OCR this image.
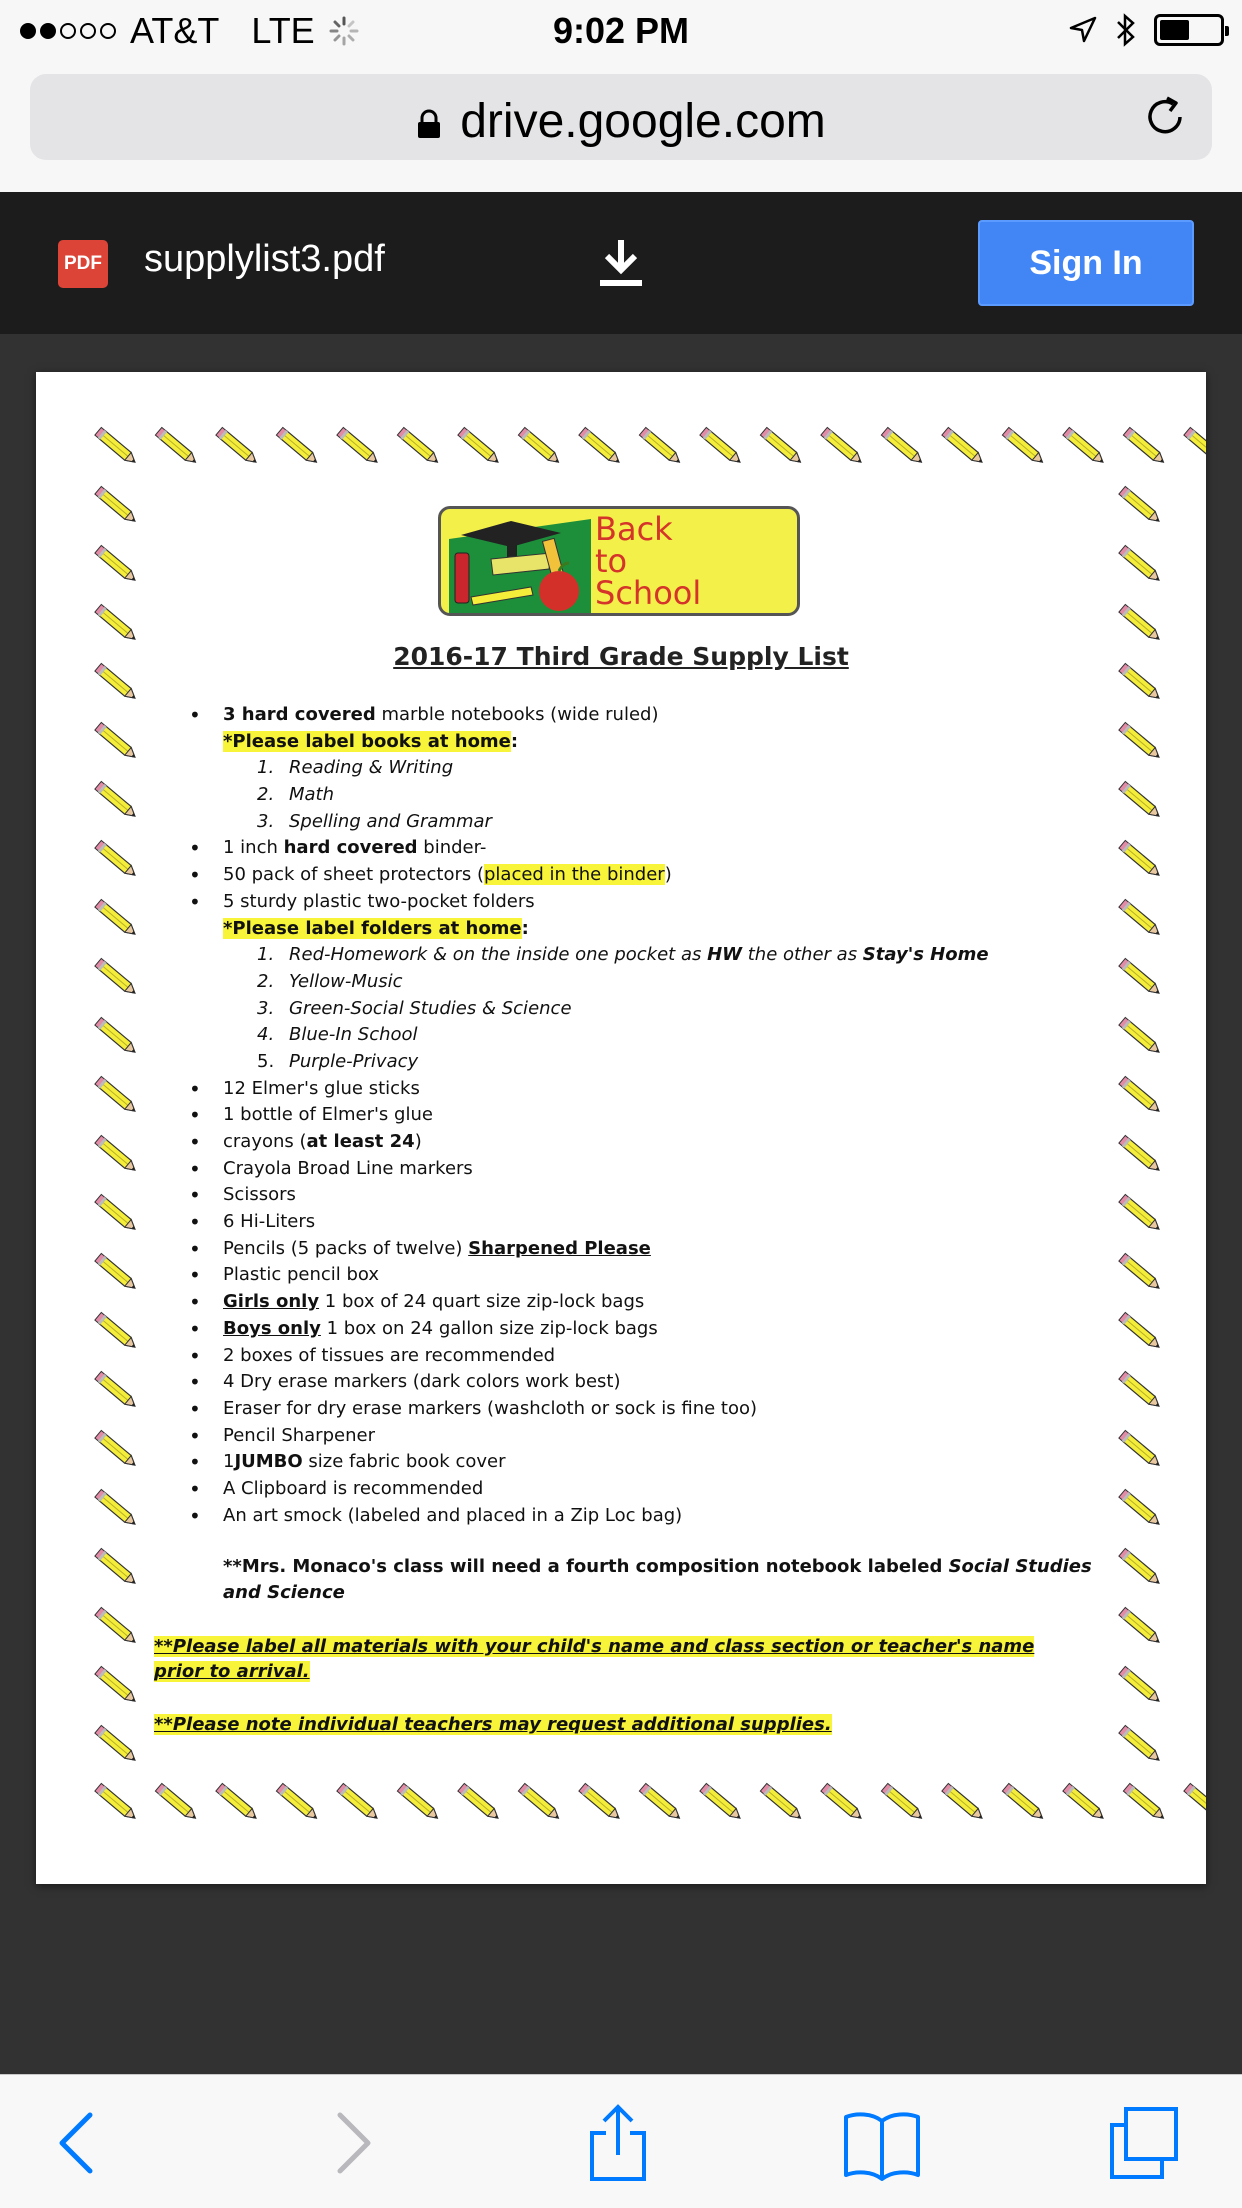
AT&T LTE	9:02 PM
drive.google.com
PDF supplylist3.pdf	Sign In
Back
to
School
2016-17 Third Grade Supply List
• 3 hard covered marble notebooks (wide ruled)
*Please label books at home:
1. Reading & Writing
2. Math
3. Spelling and Grammar
• 1 inch hard covered binder-
• 50 pack of sheet protectors (placed in the binder)
• 5 sturdy plastic two-pocket folders
*Please label folders at home:
1. Red-Homework & on the inside one pocket as HW the other as Stay's Home
2. Yellow-Music
3. Green-Social Studies & Science
4. Blue-In School
5. Purple-Privacy
• 12 Elmer's glue sticks
• 1 bottle of Elmer's glue
• crayons (at least 24)
• Crayola Broad Line markers
• Scissors
• 6 Hi-Liters
• Pencils (5 packs of twelve) Sharpened Please
• Plastic pencil box
• Girls only 1 box of 24 quart size zip-lock bags
• Boys only 1 box on 24 gallon size zip-lock bags
• 2 boxes of tissues are recommended
• 4 Dry erase markers (dark colors work best)
• Eraser for dry erase markers (washcloth or sock is fine too)
• Pencil Sharpener
• 1JUMBO size fabric book cover
• A Clipboard is recommended
• An art smock (labeled and placed in a Zip Loc bag)
**Mrs. Monaco's class will need a fourth composition notebook labeled Social Studies and Science
**Please label all materials with your child's name and class section or teacher's name prior to arrival.
**Please note individual teachers may request additional supplies.
